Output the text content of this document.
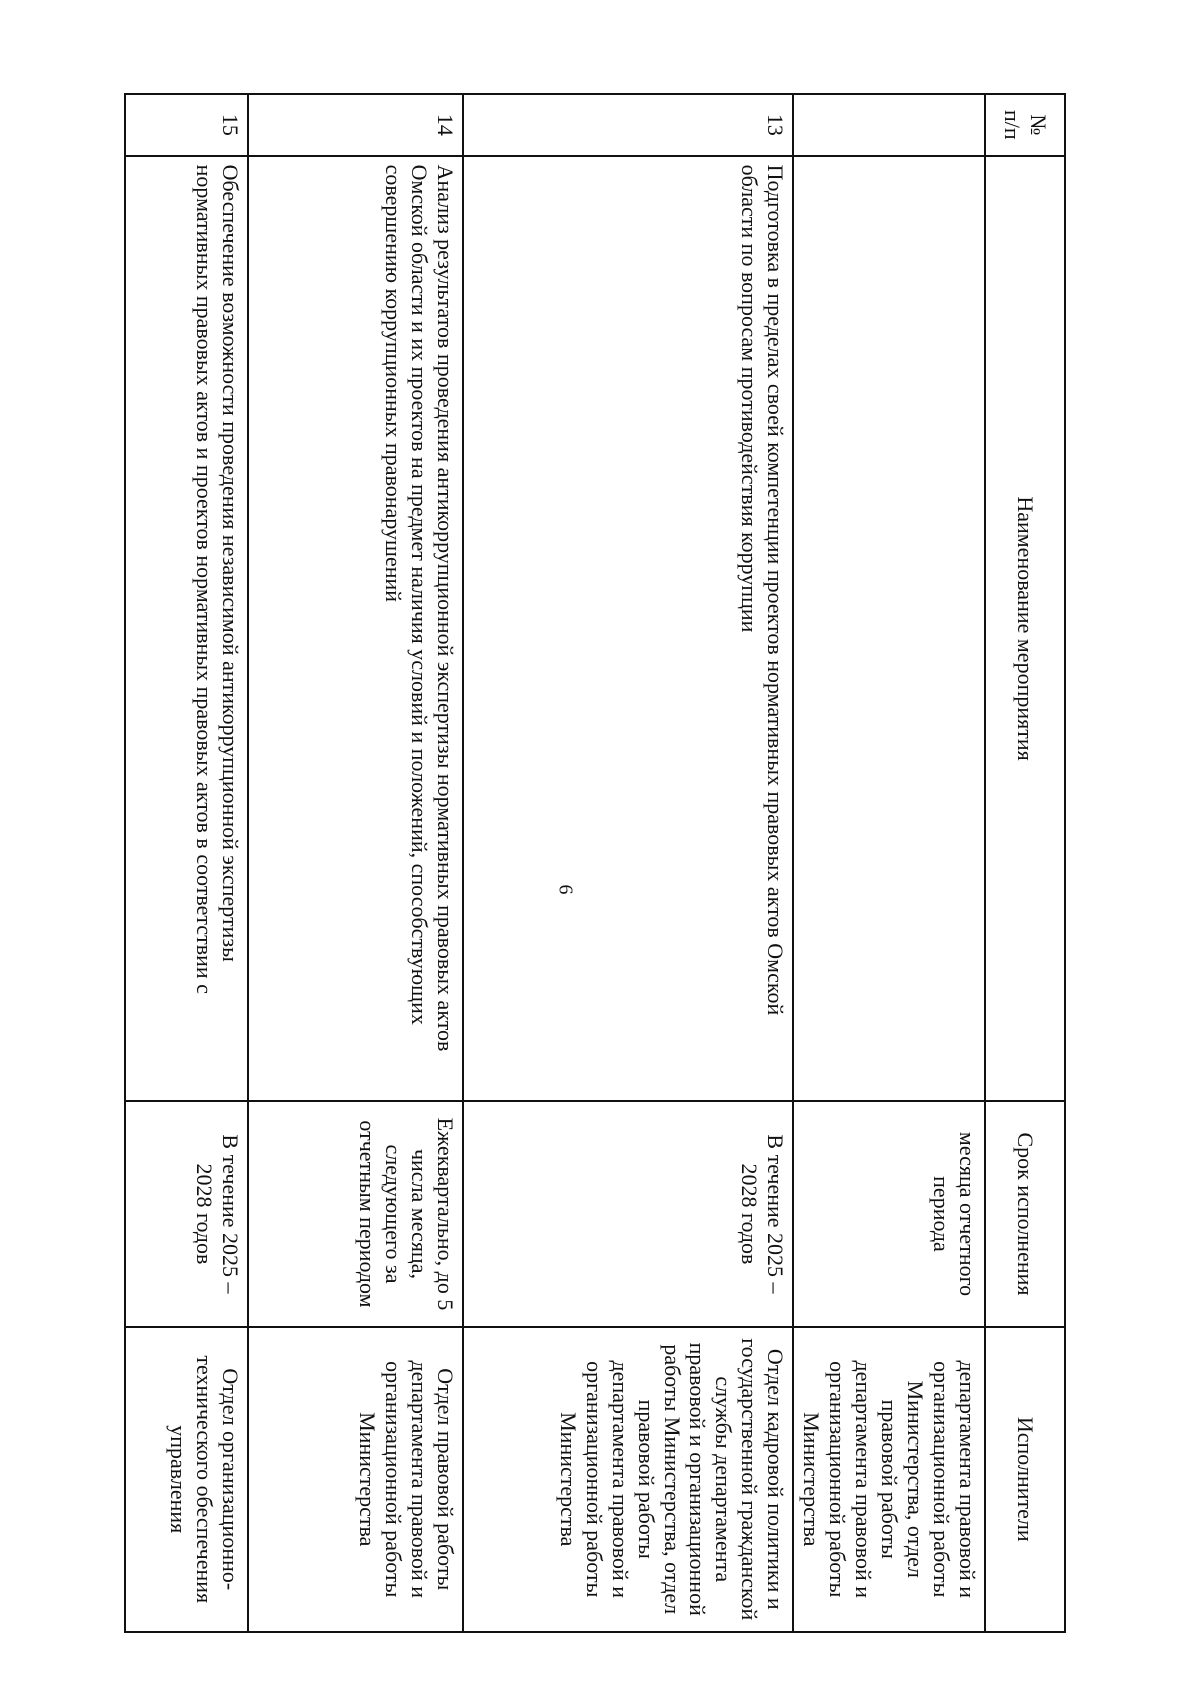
6
№ п/п	Наименование мероприятия	Срок исполнения	Исполнители
		месяца отчетного периода	департамента правовой и организационной работы Министерства, отдел правовой работы департамента правовой и организационной работы Министерства
13	Подготовка в пределах своей компетенции проектов нормативных правовых актов Омской области по вопросам противодействия коррупции	В течение 2025 – 2028 годов	Отдел кадровой политики и государственной гражданской службы департамента правовой и организационной работы Министерства, отдел правовой работы департамента правовой и организационной работы Министерства
14	Анализ результатов проведения антикоррупционной экспертизы нормативных правовых актов Омской области и их проектов на предмет наличия условий и положений, способствующих совершению коррупционных правонарушений	Ежеквартально, до 5 числа месяца, следующего за отчетным периодом	Отдел правовой работы департамента правовой и организационной работы Министерства
15	Обеспечение возможности проведения независимой антикоррупционной экспертизы нормативных правовых актов и проектов нормативных правовых актов в соответствии с	В течение 2025 – 2028 годов	Отдел организационно-технического обеспечения управления
